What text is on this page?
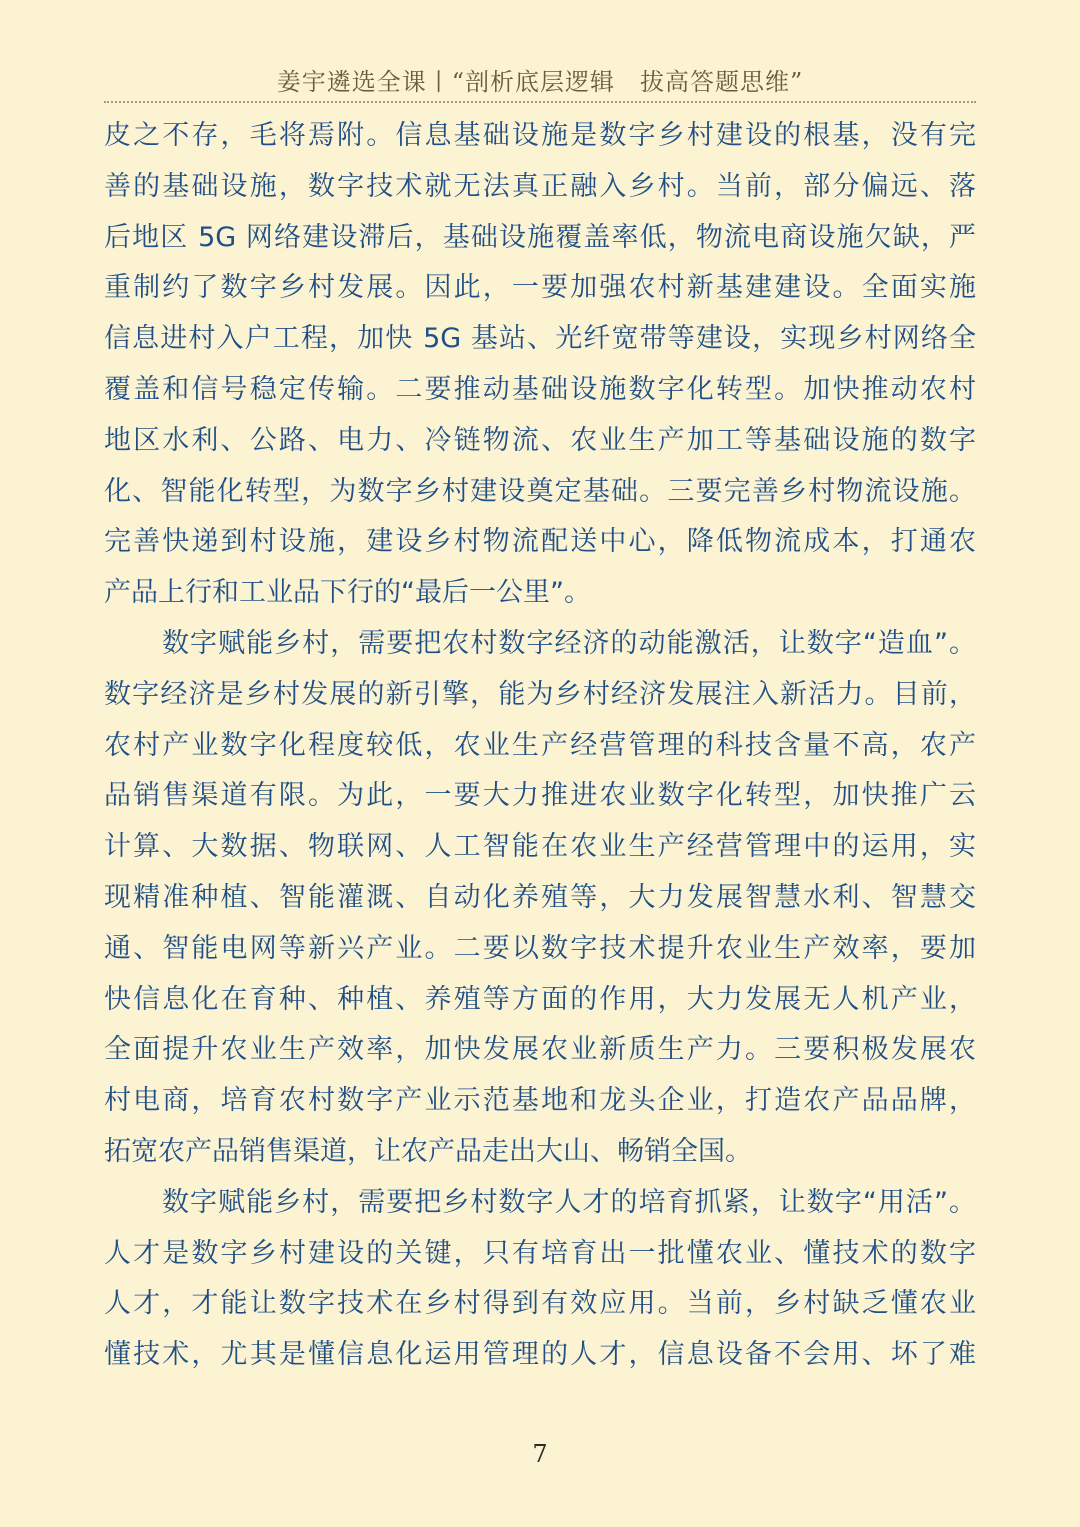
姜宇遴选全课丨“剖析底层逻辑　拔高答题思维”
皮之不存，毛将焉附。信息基础设施是数字乡村建设的根基，没有完
善的基础设施，数字技术就无法真正融入乡村。当前，部分偏远、落
后地区 5G 网络建设滞后，基础设施覆盖率低，物流电商设施欠缺，严
重制约了数字乡村发展。因此，一要加强农村新基建建设。全面实施
信息进村入户工程，加快 5G 基站、光纤宽带等建设，实现乡村网络全
覆盖和信号稳定传输。二要推动基础设施数字化转型。加快推动农村
地区水利、公路、电力、冷链物流、农业生产加工等基础设施的数字
化、智能化转型，为数字乡村建设奠定基础。三要完善乡村物流设施。
完善快递到村设施，建设乡村物流配送中心，降低物流成本，打通农
产品上行和工业品下行的“最后一公里”。
数字赋能乡村，需要把农村数字经济的动能激活，让数字“造血”。
数字经济是乡村发展的新引擎，能为乡村经济发展注入新活力。目前，
农村产业数字化程度较低，农业生产经营管理的科技含量不高，农产
品销售渠道有限。为此，一要大力推进农业数字化转型，加快推广云
计算、大数据、物联网、人工智能在农业生产经营管理中的运用，实
现精准种植、智能灌溉、自动化养殖等，大力发展智慧水利、智慧交
通、智能电网等新兴产业。二要以数字技术提升农业生产效率，要加
快信息化在育种、种植、养殖等方面的作用，大力发展无人机产业，
全面提升农业生产效率，加快发展农业新质生产力。三要积极发展农
村电商，培育农村数字产业示范基地和龙头企业，打造农产品品牌，
拓宽农产品销售渠道，让农产品走出大山、畅销全国。
数字赋能乡村，需要把乡村数字人才的培育抓紧，让数字“用活”。
人才是数字乡村建设的关键，只有培育出一批懂农业、懂技术的数字
人才，才能让数字技术在乡村得到有效应用。当前，乡村缺乏懂农业
懂技术，尤其是懂信息化运用管理的人才，信息设备不会用、坏了难
7
